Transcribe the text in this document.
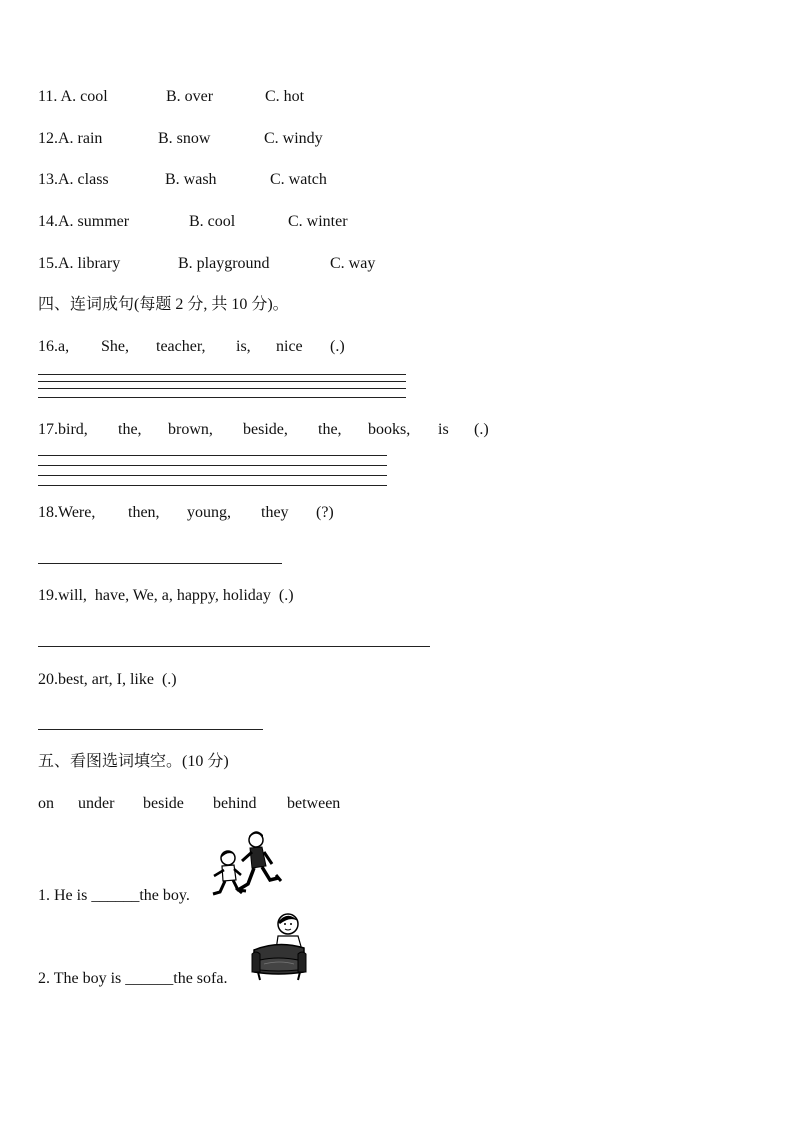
11. A. cool	B. over	C. hot
12.A. rain	B. snow	C. windy
13.A. class	B. wash	C. watch
14.A. summer	B. cool	C. winter
15.A. library	B. playground	C. way
四、连词成句(每题 2 分, 共 10 分)。
16.a, She, teacher, is, nice (.)
17.bird, the, brown, beside, the, books, is (.)
18.Were, then, young, they (?)
19.will,  have, We, a, happy, holiday  (.)
20.best, art, I, like  (.)
五、看图选词填空。(10 分)
on under beside behind between
1. He is ______the boy.
2. The boy is ______the sofa.
